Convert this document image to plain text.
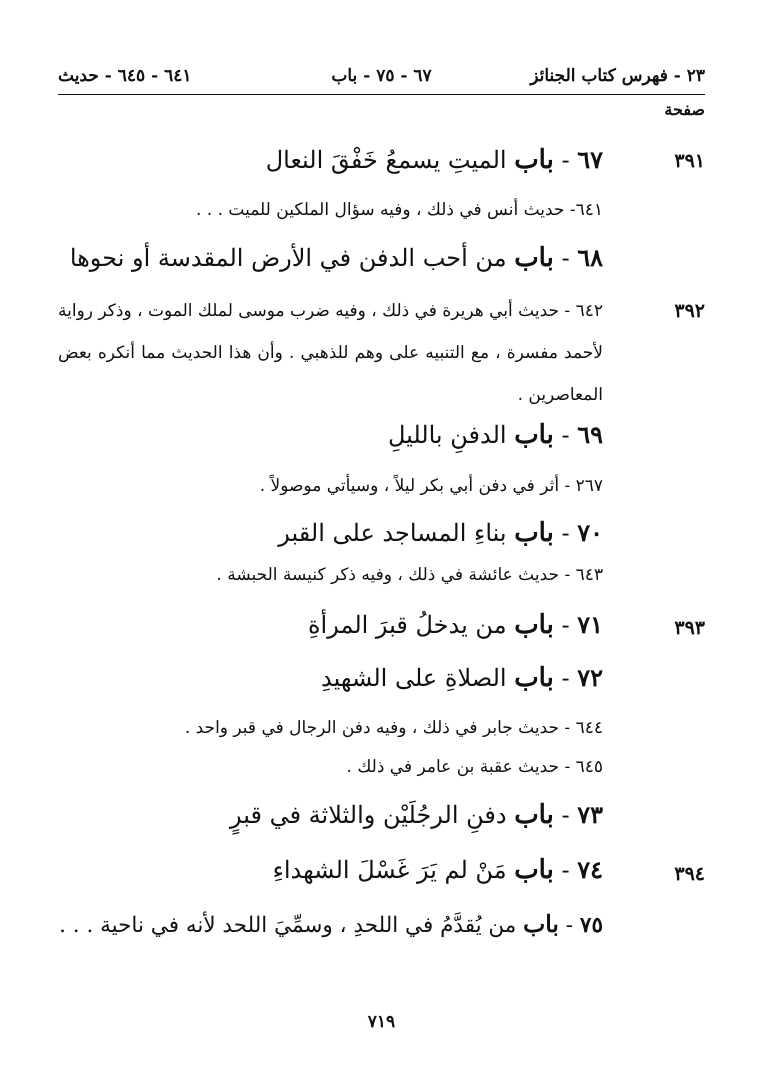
٢٣ - فهرس كتاب الجنائز
٦٧ - ٧٥ - باب
٦٤١ - ٦٤٥ - حديث
صفحة
٣٩١
٦٧ - باب الميتِ يسمعُ خَفْقَ النعال
٦٤١- حديث أنس في ذلك ، وفيه سؤال الملكين للميت . . .
٦٨ - باب من أحب الدفن في الأرض المقدسة أو نحوها
٣٩٢
٦٤٢ - حديث أبي هريرة في ذلك ، وفيه ضرب موسى لملك الموت ، وذكر رواية لأحمد مفسرة ، مع التنبيه على وهم للذهبي . وأن هذا الحديث مما أنكره بعض المعاصرين .
٦٩ - باب الدفنِ بالليلِ
٢٦٧ - أثر في دفن أبي بكر ليلاً ، وسيأتي موصولاً .
٧٠ - باب بناءِ المساجد على القبر
٦٤٣ - حديث عائشة في ذلك ، وفيه ذكر كنيسة الحبشة .
٣٩٣
٧١ - باب من يدخلُ قبرَ المرأةِ
٧٢ - باب الصلاةِ على الشهيدِ
٦٤٤ - حديث جابر في ذلك ، وفيه دفن الرجال في قبر واحد .
٦٤٥ - حديث عقبة بن عامر في ذلك .
٧٣ - باب دفنِ الرجُلَيْن والثلاثة في قبرٍ
٣٩٤
٧٤ - باب مَنْ لم يَرَ غَسْلَ الشهداءِ
٧٥ - باب من يُقدَّمُ في اللحدِ ، وسمِّيَ اللحد لأنه في ناحية . . .
٧١٩
